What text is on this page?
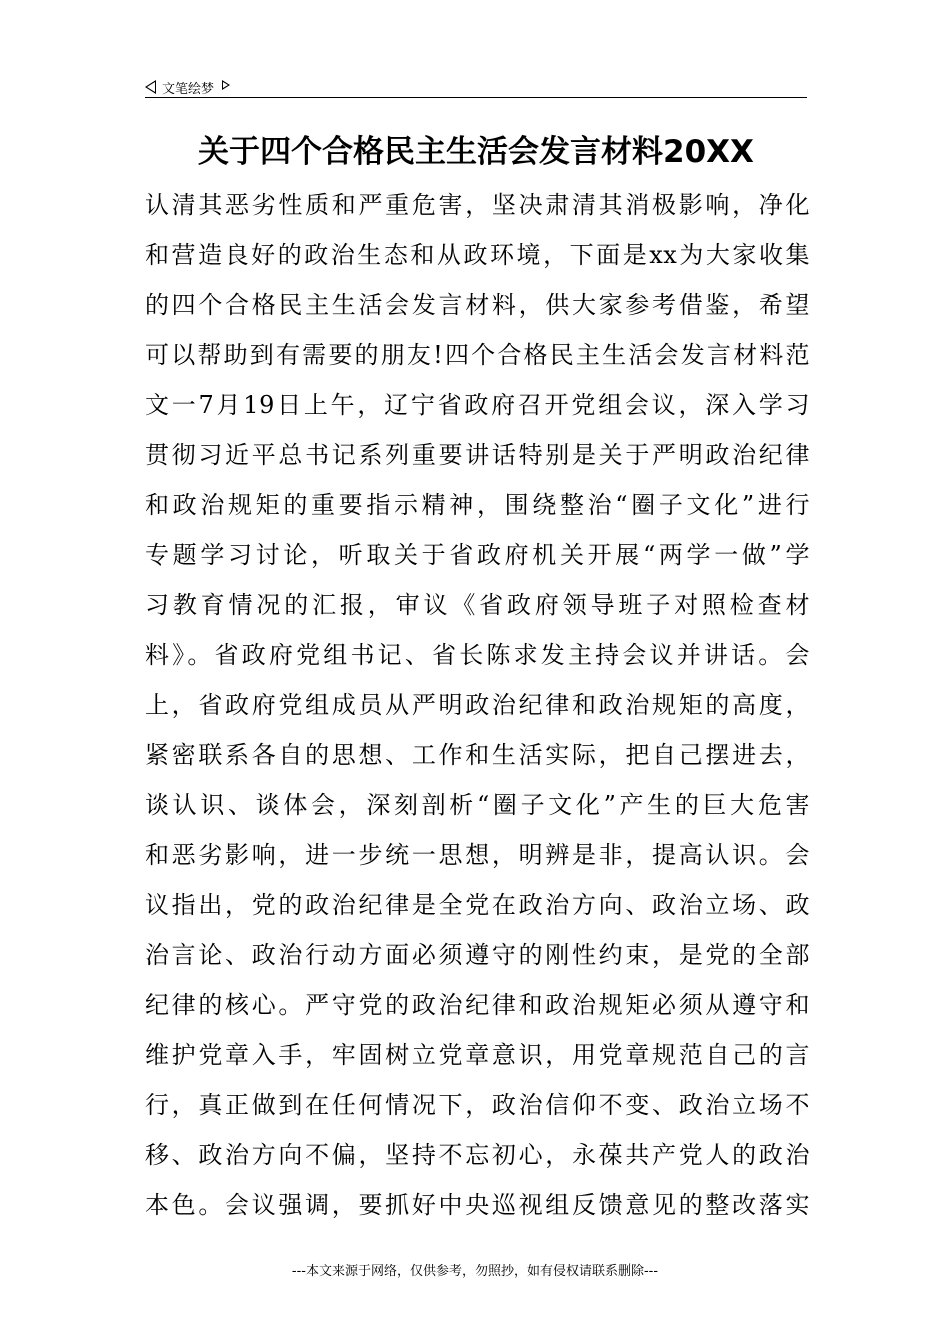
文笔绘梦
关于四个合格民主生活会发言材料20XX
认清其恶劣性质和严重危害，坚决肃清其消极影响，净化
和营造良好的政治生态和从政环境，下面是xx为大家收集
的四个合格民主生活会发言材料，供大家参考借鉴，希望
可以帮助到有需要的朋友!四个合格民主生活会发言材料范
文一7月19日上午，辽宁省政府召开党组会议，深入学习
贯彻习近平总书记系列重要讲话特别是关于严明政治纪律
和政治规矩的重要指示精神，围绕整治“圈子文化”进行
专题学习讨论，听取关于省政府机关开展“两学一做”学
习教育情况的汇报，审议《省政府领导班子对照检查材
料》。省政府党组书记、省长陈求发主持会议并讲话。会
上，省政府党组成员从严明政治纪律和政治规矩的高度，
紧密联系各自的思想、工作和生活实际，把自己摆进去，
谈认识、谈体会，深刻剖析“圈子文化”产生的巨大危害
和恶劣影响，进一步统一思想，明辨是非，提高认识。会
议指出，党的政治纪律是全党在政治方向、政治立场、政
治言论、政治行动方面必须遵守的刚性约束，是党的全部
纪律的核心。严守党的政治纪律和政治规矩必须从遵守和
维护党章入手，牢固树立党章意识，用党章规范自己的言
行，真正做到在任何情况下，政治信仰不变、政治立场不
移、政治方向不偏，坚持不忘初心，永葆共产党人的政治
本色。会议强调，要抓好中央巡视组反馈意见的整改落实
---本文来源于网络，仅供参考，勿照抄，如有侵权请联系删除---
